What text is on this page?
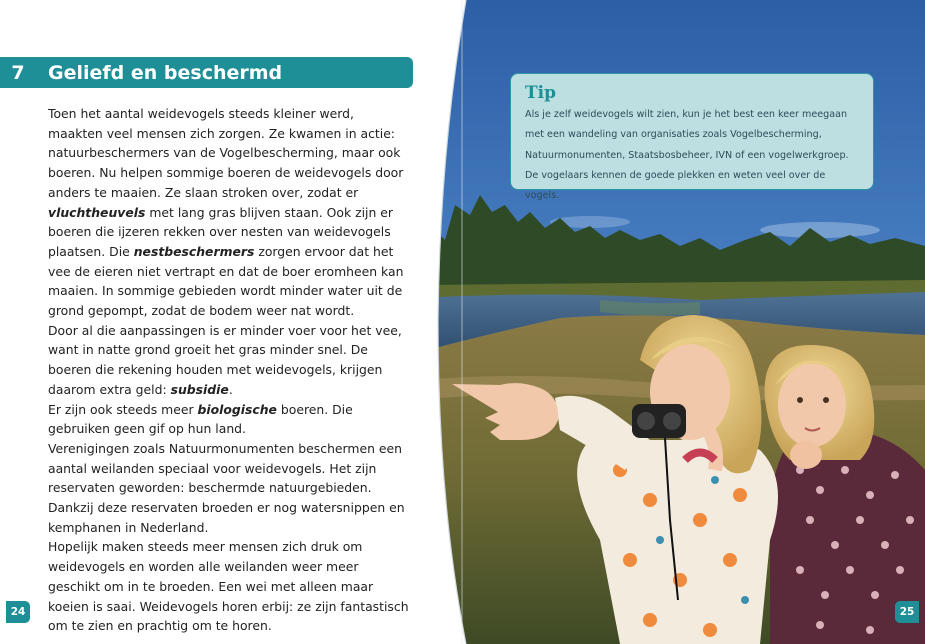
7	Geliefd en beschermd

Toen het aantal weidevogels steeds kleiner werd, maakten veel mensen zich zorgen. Ze kwamen in actie: natuurbeschermers van de Vogelbescherming, maar ook boeren. Nu helpen sommige boeren de weidevogels door anders te maaien. Ze slaan stroken over, zodat er vluchtheuvels met lang gras blijven staan. Ook zijn er boeren die ijzeren rekken over nesten van weidevogels plaatsen. Die nestbeschermers zorgen ervoor dat het vee de eieren niet vertrapt en dat de boer eromheen kan maaien. In sommige gebieden wordt minder water uit de grond gepompt, zodat de bodem weer nat wordt.

Door al die aanpassingen is er minder voer voor het vee, want in natte grond groeit het gras minder snel. De boeren die rekening houden met weidevogels, krijgen daarom extra geld: subsidie.

Er zijn ook steeds meer biologische boeren. Die gebruiken geen gif op hun land.

Verenigingen zoals Natuurmonumenten beschermen een aantal weilanden speciaal voor weidevogels. Het zijn reservaten geworden: beschermde natuurgebieden. Dankzij deze reservaten broeden er nog watersnippen en kemphanen in Nederland.

Hopelijk maken steeds meer mensen zich druk om weidevogels en worden alle weilanden weer meer geschikt om in te broeden. Een wei met alleen maar koeien is saai. Weidevogels horen erbij: ze zijn fantastisch om te zien en prachtig om te horen.

Tip
Als je zelf weidevogels wilt zien, kun je het best een keer meegaan met een wandeling van organisaties zoals Vogelbescherming, Natuurmonumenten, Staatsbosbeheer, IVN of een vogelwerkgroep. De vogelaars kennen de goede plekken en weten veel over de vogels.
24	25
